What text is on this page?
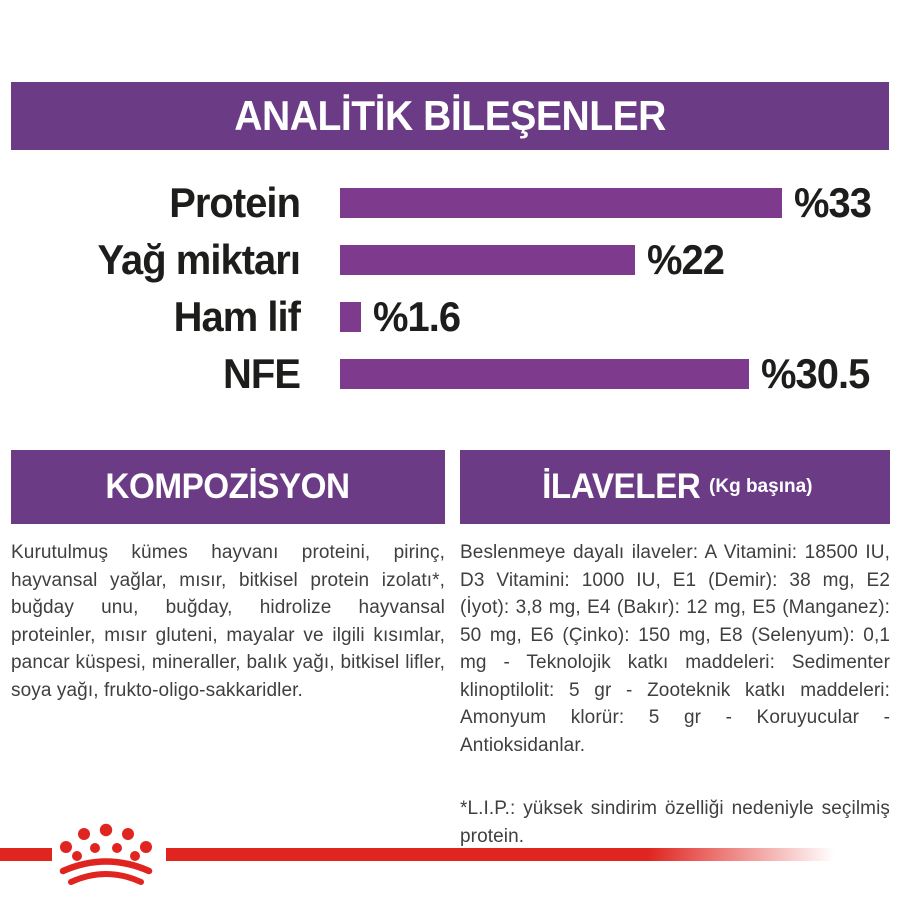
ANALİTİK BİLEŞENLER
Protein	%33
Yağ miktarı	%22
Ham lif %1.6
NFE	%30.5
KOMPOZİSYON

Kurutulmuş kümes hayvanı proteini, pirinç, hayvansal yağlar, mısır, bitkisel protein izolatı*, buğday unu, buğday, hidrolize hayvansal proteinler, mısır gluteni, mayalar ve ilgili kısımlar, pancar küspesi, mineraller, balık yağı, bitkisel lifler, soya yağı, frukto-oligo-sakkaridler.

İLAVELER (Kg başına)

Beslenmeye dayalı ilaveler: A Vitamini: 18500 IU, D3 Vitamini: 1000 IU, E1 (Demir): 38 mg, E2 (İyot): 3,8 mg, E4 (Bakır): 12 mg, E5 (Manganez): 50 mg, E6 (Çinko): 150 mg, E8 (Selenyum): 0,1 mg - Teknolojik katkı maddeleri: Sedimenter klinoptilolit: 5 gr - Zooteknik katkı maddeleri: Amonyum klorür: 5 gr - Koruyucular - Antioksidanlar.

*L.I.P.: yüksek sindirim özelliği nedeniyle seçilmiş protein.
